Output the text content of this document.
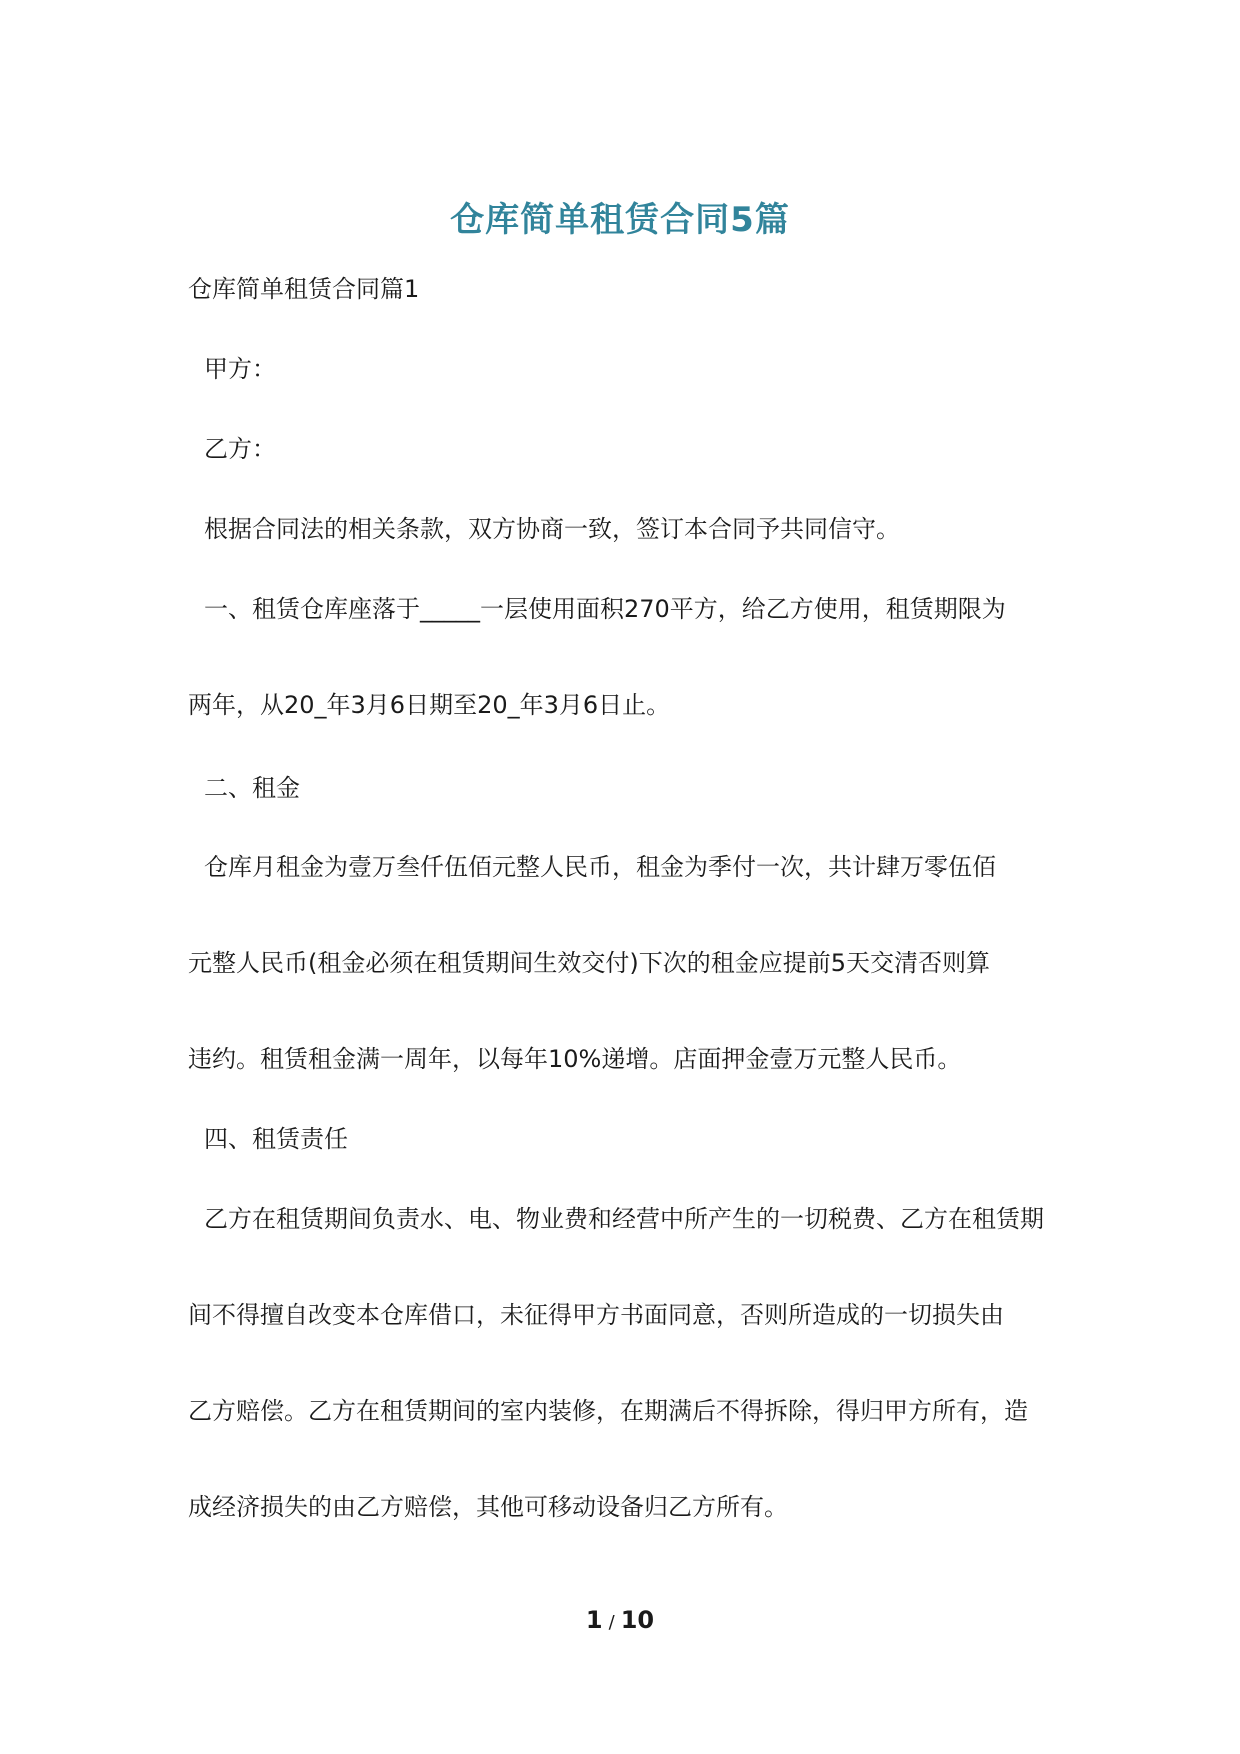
仓库简单租赁合同5篇

仓库简单租赁合同篇1

甲方：

乙方：

根据合同法的相关条款，双方协商一致，签订本合同予共同信守。

一、租赁仓库座落于_____一层使用面积270平方，给乙方使用，租赁期限为

两年，从20_年3月6日期至20_年3月6日止。

二、租金

仓库月租金为壹万叁仟伍佰元整人民币，租金为季付一次，共计肆万零伍佰

元整人民币(租金必须在租赁期间生效交付)下次的租金应提前5天交清否则算

违约。租赁租金满一周年，以每年10%递增。店面押金壹万元整人民币。

四、租赁责任

乙方在租赁期间负责水、电、物业费和经营中所产生的一切税费、乙方在租赁期

间不得擅自改变本仓库借口，未征得甲方书面同意，否则所造成的一切损失由

乙方赔偿。乙方在租赁期间的室内装修，在期满后不得拆除，得归甲方所有，造

成经济损失的由乙方赔偿，其他可移动设备归乙方所有。

1 / 10
